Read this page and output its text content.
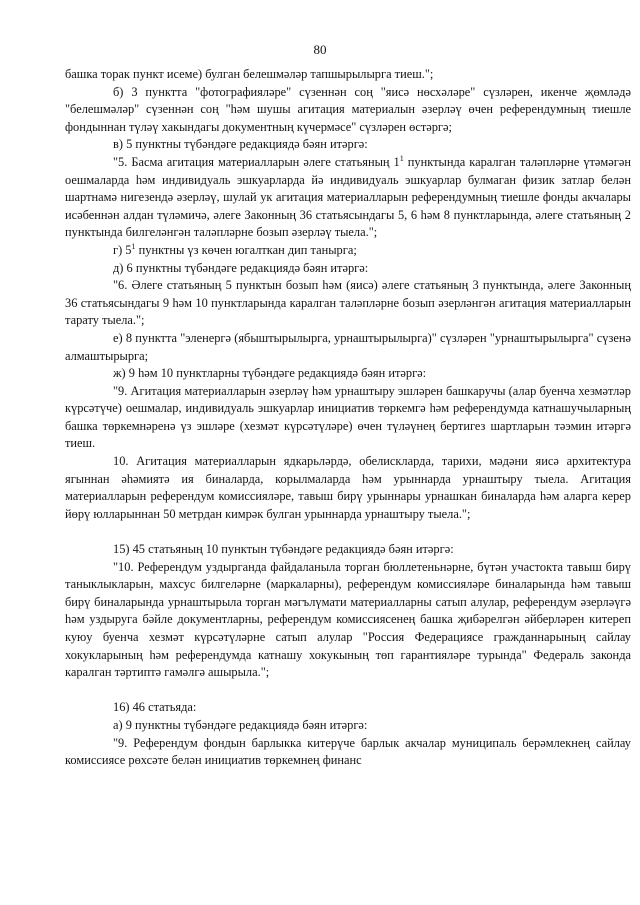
80

башка торак пункт исеме) булган белешмәләр тапшырылырга тиеш.";

б) 3 пунктта "фотографияләре" сүзеннән соң "яисә нөсхәләре" сүзләрен, икенче җөмләдә "белешмәләр" сүзеннән соң "һәм шушы агитация материалын әзерләү өчен референдумның тиешле фондыннан түләү хакындагы документның күчермәсе" сүзләрен өстәргә;

в) 5 пунктны түбәндәге редакциядә бәян итәргә:

"5. Басма агитация материалларын әлеге статьяның $1^1$ пунктында каралган таләпләрне үтәмәгән оешмаларда һәм индивидуаль эшкуарларда йә индивидуаль эшкуарлар булмаган физик затлар белән шартнамә нигезендә әзерләү, шулай ук агитация материалларын референдумның тиешле фонды акчалары исәбеннән алдан түләмичә, әлеге Законның 36 статьясындагы 5, 6 һәм 8 пунктларында, әлеге статьяның 2 пунктында билгеләнгән таләпләрне бозып әзерләү тыела.";

г) $5^1$ пунктны үз көчен югалткан дип танырга;

д) 6 пунктны түбәндәге редакциядә бәян итәргә:

"6. Әлеге статьяның 5 пунктын бозып һәм (яисә) әлеге статьяның 3 пунктында, әлеге Законның 36 статьясындагы 9 һәм 10 пунктларында каралган таләпләрне бозып әзерләнгән агитация материалларын тарату тыела.";

е) 8 пунктта "эленергә (ябыштырылырга, урнаштырылырга)" сүзләрен "урнаштырылырга" сүзенә алмаштырырга;

ж) 9 һәм 10 пунктларны түбәндәге редакциядә бәян итәргә:

"9. Агитация материалларын әзерләү һәм урнаштыру эшләрен башкаручы (алар буенча хезмәтләр күрсәтүче) оешмалар, индивидуаль эшкуарлар инициатив төркемгә һәм референдумда катнашучыларның башка төркемнәренә үз эшләре (хезмәт күрсәтүләре) өчен түләүнең бертигез шартларын тәэмин итәргә тиеш.

10. Агитация материалларын ядкарьләрдә, обелискларда, тарихи, мәдәни яисә архитектура ягыннан әһәмиятә ия биналарда, корылмаларда һәм урыннарда урнаштыру тыела. Агитация материалларын референдум комиссияләре, тавыш бирү урыннары урнашкан биналарда һәм аларга керер йөрү юлларыннан 50 метрдан кимрәк булган урыннарда урнаштыру тыела.";

15) 45 статьяның 10 пунктын түбәндәге редакциядә бәян итәргә:

"10. Референдум уздырганда файдаланыла торган бюллетеньнәрне, бүтән участокта тавыш бирү таныклыкларын, махсус билгеләрне (маркаларны), референдум комиссияләре биналарында һәм тавыш бирү биналарында урнаштырыла торган мәгълүмати материалларны сатып алулар, референдум әзерләүгә һәм уздыруга бәйле документларны, референдум комиссиясенең башка җибәрелгән әйберләрен китереп куюу буенча хезмәт күрсәтүләрне сатып алулар "Россия Федерациясе гражданнарының сайлау хокукларының һәм референдумда катнашу хокукының төп гарантияләре турында" Федераль законда каралган тәртиптә гамәлгә ашырыла.";

16) 46 статьяда:

а) 9 пунктны түбәндәге редакциядә бәян итәргә:

"9. Референдум фондын барлыкка китерүче барлык акчалар муниципаль берәмлекнең сайлау комиссиясе рөхсәте белән инициатив төркемнең финанс
